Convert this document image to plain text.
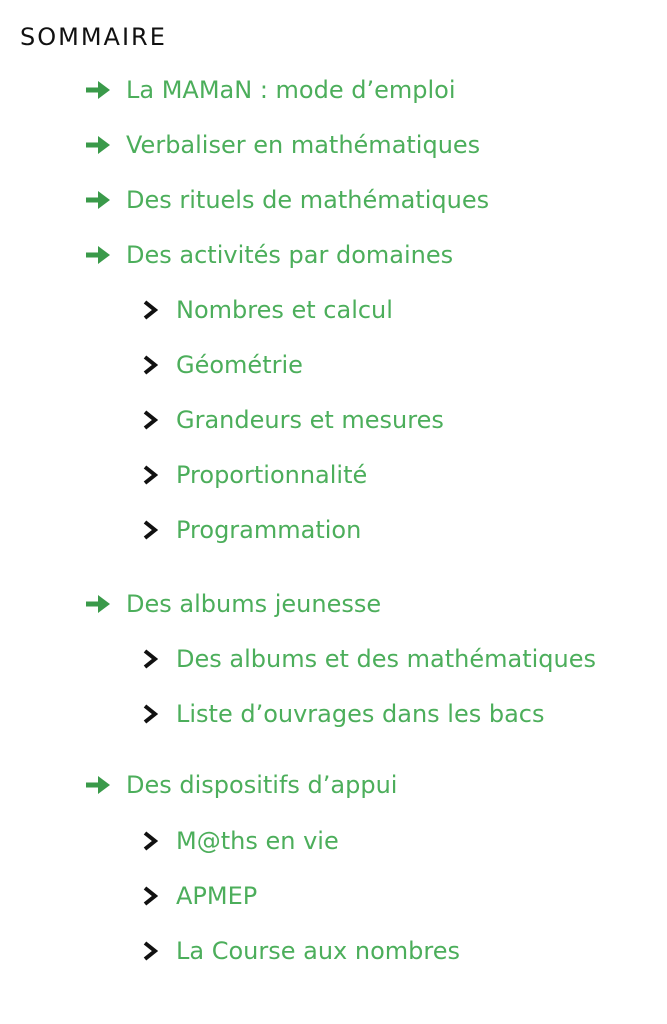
SOMMAIRE
La MAMaN : mode d’emploi
Verbaliser en mathématiques
Des rituels de mathématiques
Des activités par domaines
Nombres et calcul
Géométrie
Grandeurs et mesures
Proportionnalité
Programmation
Des albums jeunesse
Des albums et des mathématiques
Liste d’ouvrages dans les bacs
Des dispositifs d’appui
M@ths en vie
APMEP
La Course aux nombres
